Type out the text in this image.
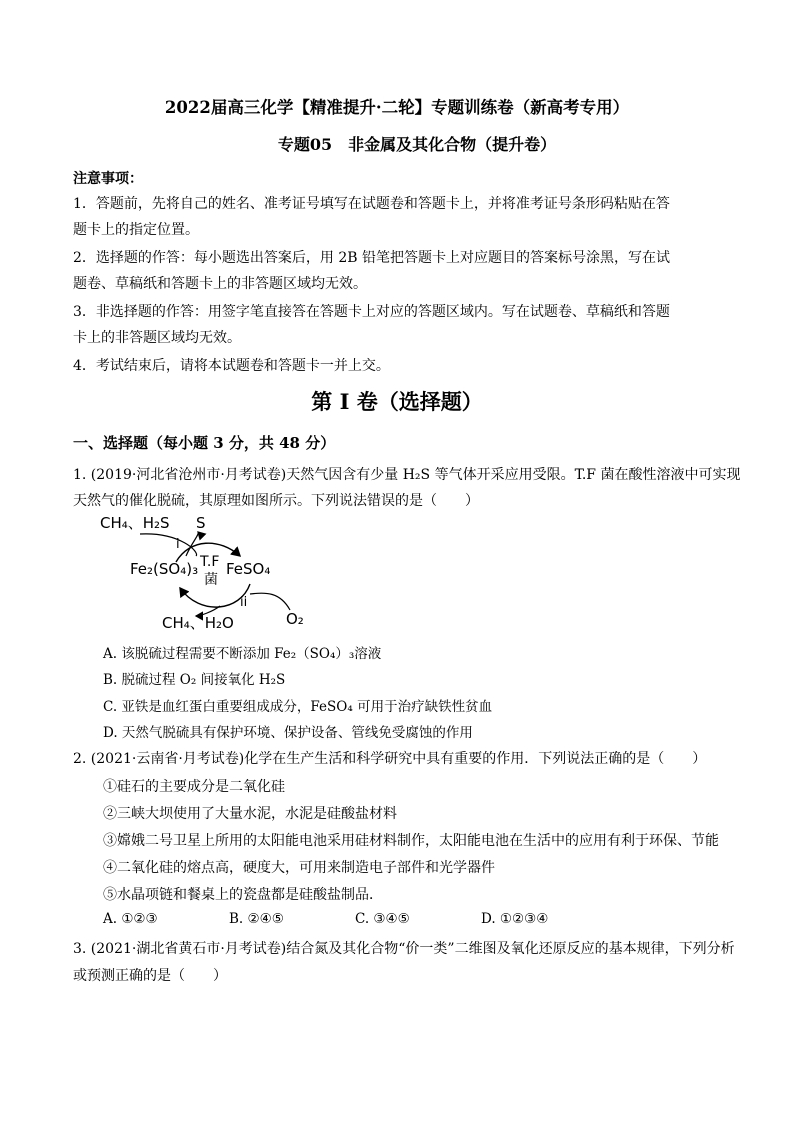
2022届高三化学【精准提升·二轮】专题训练卷（新高考专用）
专题05　非金属及其化合物（提升卷）
注意事项：
1．答题前，先将自己的姓名、准考证号填写在试题卷和答题卡上，并将准考证号条形码粘贴在答
题卡上的指定位置。
2．选择题的作答：每小题选出答案后，用 2B 铅笔把答题卡上对应题目的答案标号涂黑，写在试
题卷、草稿纸和答题卡上的非答题区域均无效。
3．非选择题的作答：用签字笔直接答在答题卡上对应的答题区域内。写在试题卷、草稿纸和答题
卡上的非答题区域均无效。
4．考试结束后，请将本试题卷和答题卡一并上交。
第 I 卷（选择题）
一、选择题（每小题 3 分，共 48 分）
1. (2019·河北省沧州市·月考试卷)天然气因含有少量 H₂S 等气体开采应用受限。T.F 菌在酸性溶液中可实现
天然气的催化脱硫，其原理如图所示。下列说法错误的是（　　）
CH₄、H₂S S
i
T.F
菌
Fe₂(SO₄)₃ FeSO₄
ii
CH₄、H₂O	O₂
A. 该脱硫过程需要不断添加 Fe₂（SO₄）₃溶液
B. 脱硫过程 O₂ 间接氧化 H₂S
C. 亚铁是血红蛋白重要组成成分，FeSO₄ 可用于治疗缺铁性贫血
D. 天然气脱硫具有保护环境、保护设备、管线免受腐蚀的作用
2. (2021·云南省·月考试卷)化学在生产生活和科学研究中具有重要的作用．下列说法正确的是（　　）
①硅石的主要成分是二氧化硅
②三峡大坝使用了大量水泥，水泥是硅酸盐材料
③嫦娥二号卫星上所用的太阳能电池采用硅材料制作，太阳能电池在生活中的应用有利于环保、节能
④二氧化硅的熔点高，硬度大，可用来制造电子部件和光学器件
⑤水晶项链和餐桌上的瓷盘都是硅酸盐制品．
A. ①②③	B. ②④⑤	C. ③④⑤	D. ①②③④
3. (2021·湖北省黄石市·月考试卷)结合氮及其化合物“价一类”二维图及氧化还原反应的基本规律，下列分析
或预测正确的是（　　）
